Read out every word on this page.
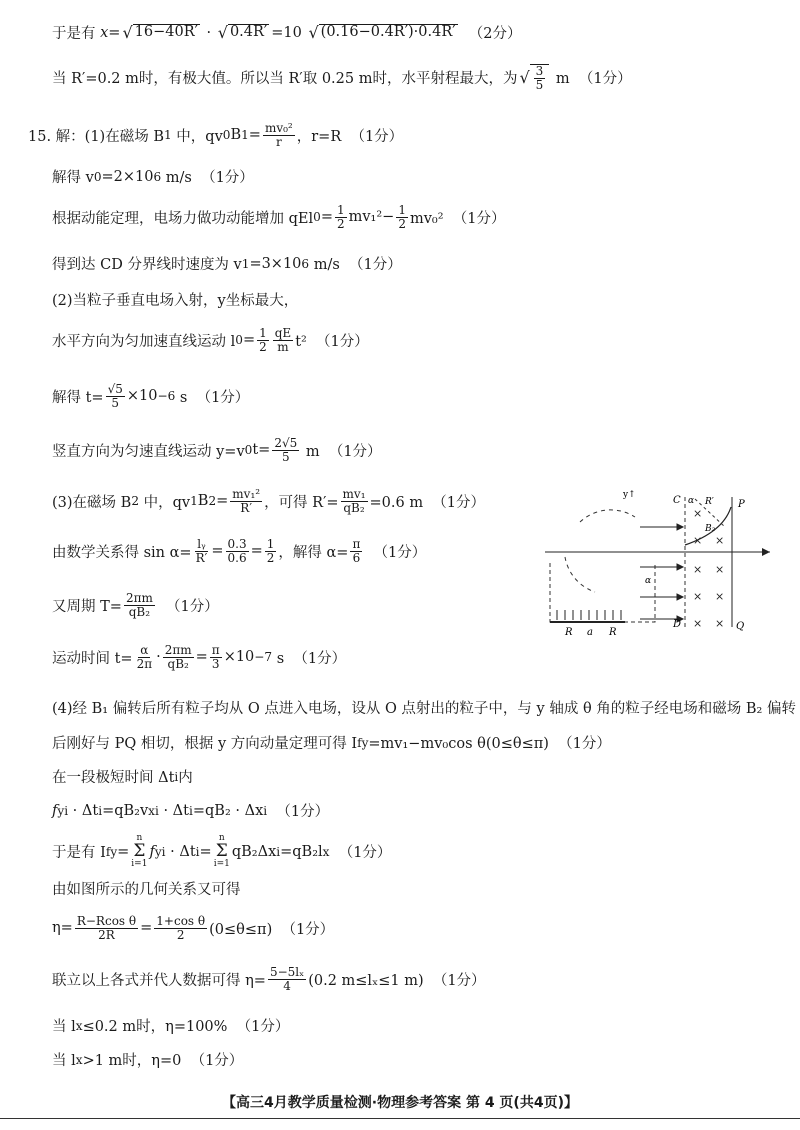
于是有 x = √ 16−40R′ · √ 0.4R′ =10 √ (0.16−0.4R′)·0.4R′ （2分）
当 R′=0.2 m时，有极大值。所以当 R′取 0.25 m时，水平射程最大，为 √ $\frac{3}{5}$ m  （1分）
15. 解：(1)在磁场 B 1 中，qv 0 B $1 = \frac{\text{mv₀²}}{r}$ ，r=R  （1分）
解得 v 0 =2×10 6 m/s  （1分）
根据动能定理，电场力做功动能增加 qEl $0 = \frac{1}{2} mv_1^2- \frac{1}{2} mv_0^2$  （1分）
得到达 CD 分界线时速度为 v 1 =3×10 6 m/s  （1分）
(2)当粒子垂直电场入射，y坐标最大，
水平方向为匀加速直线运动 l $0 = \frac{1}{2} \frac{qE}{m} t^2$  （1分）
解得 $t= \frac{√5}{5} \times 10 -6$ s  （1分）
竖直方向为匀速直线运动 y=v 0 $t= \frac{2√5}{5}$ m  （1分）
(3)在磁场 B 2 中，qv 1 B $2 = \frac{\text{mv₁²}}{R'}$ ，可得 $R'= \frac{\text{mv₁}}{\text{qB₂}} =0.6$ m  （1分）
由数学关系得 $\sin \alpha= \frac{\text{lᵧ}}{R'} = \frac{0.3}{0.6} = \frac{1}{2}$ ，解得 $\alpha= \frac{\pi}{6} (1$分）
又周期 $T= \frac{2\pi m}{\text{qB₂}} (1$分）
运动时间 $t= \frac{\alpha}{2\pi} \cdot \frac{2\pi m}{\text{qB₂}} = \frac{\pi}{3} \times 10 -7$ s  （1分）
(4)经 B₁ 偏转后所有粒子均从 O 点进入电场，设从 O 点射出的粒子中，与 y 轴成 θ 角的粒子经电场和磁场 B₂ 偏转
后刚好与 PQ 相切，根据 y 方向动量定理可得 I fy =mv₁−mv₀cos θ(0≤θ≤π)  （1分）
在一段极短时间 Δt i 内
f yi · Δt i =qB₂v xi · Δt i =qB₂ · Δx i （1分）
于是有 I fy =
n
Σ
i=1
f yi · Δt i =
n
Σ
i=1
qB₂Δx i =qB₂l x （1分）
由如图所示的几何关系又可得
$\eta= \frac{\text{R−Rcos θ}}{2R} = \frac{\text{1+cos θ}}{2} (0\le\theta\le\pi)$  （1分）
联立以上各式并代人数据可得 $\eta= \frac{\text{5−5lₓ}}{4} (0.2$ m≤lₓ≤1 m)  （1分）
当 l x ≤0.2 m时，η=100%  （1分）
当 l x >1 m时，η=0  （1分）
y↑
R a R
×
× ×
× ×
× ×
× ×
C α R′ P
B₂
D	Q
α
【高三4月教学质量检测·物理参考答案 第 4 页(共4页)】
